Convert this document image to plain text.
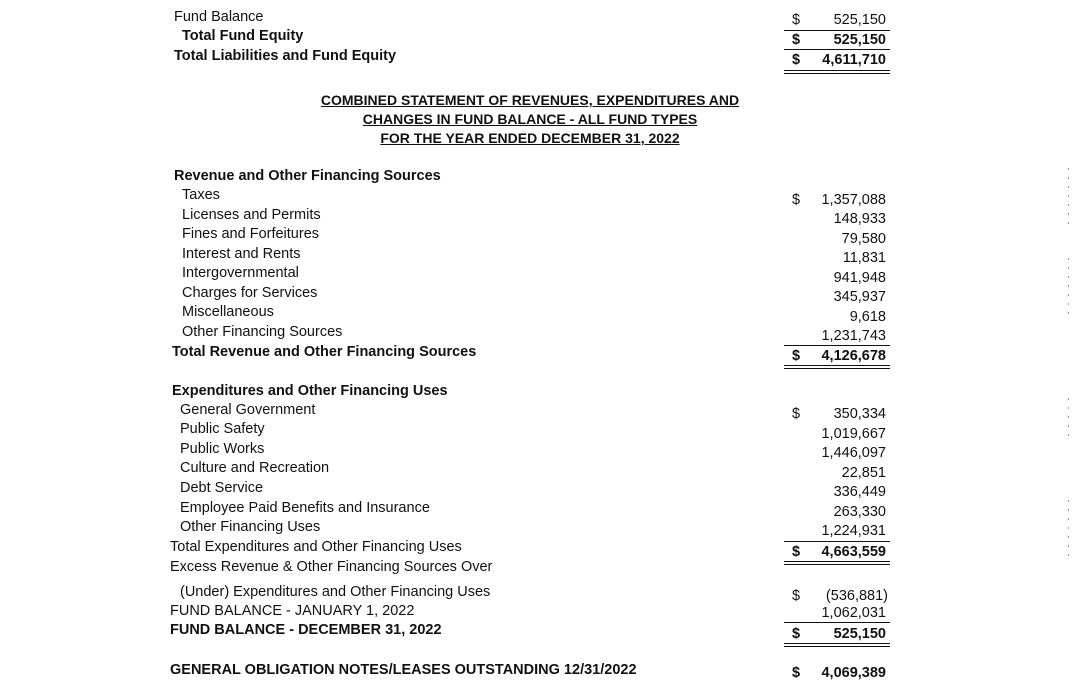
Fund Balance	$ 525,150
Total Fund Equity	$ 525,150
Total Liabilities and Fund Equity	$ 4,611,710
COMBINED STATEMENT OF REVENUES, EXPENDITURES AND
CHANGES IN FUND BALANCE - ALL FUND TYPES
FOR THE YEAR ENDED DECEMBER 31, 2022
Revenue and Other Financing Sources
Taxes	$ 1,357,088
Licenses and Permits	148,933
Fines and Forfeitures	79,580
Interest and Rents	11,831
Intergovernmental	941,948
Charges for Services	345,937
Miscellaneous	9,618
Other Financing Sources	1,231,743
Total Revenue and Other Financing Sources	$ 4,126,678
Expenditures and Other Financing Uses
General Government	$ 350,334
Public Safety	1,019,667
Public Works	1,446,097
Culture and Recreation	22,851
Debt Service	336,449
Employee Paid Benefits and Insurance	263,330
Other Financing Uses	1,224,931
Total Expenditures and Other Financing Uses	$ 4,663,559
Excess Revenue & Other Financing Sources Over
(Under) Expenditures and Other Financing Uses	$ (536,881)
FUND BALANCE - JANUARY 1, 2022	1,062,031
FUND BALANCE - DECEMBER 31, 2022	$ 525,150
GENERAL OBLIGATION NOTES/LEASES OUTSTANDING 12/31/2022	$ 4,069,389
